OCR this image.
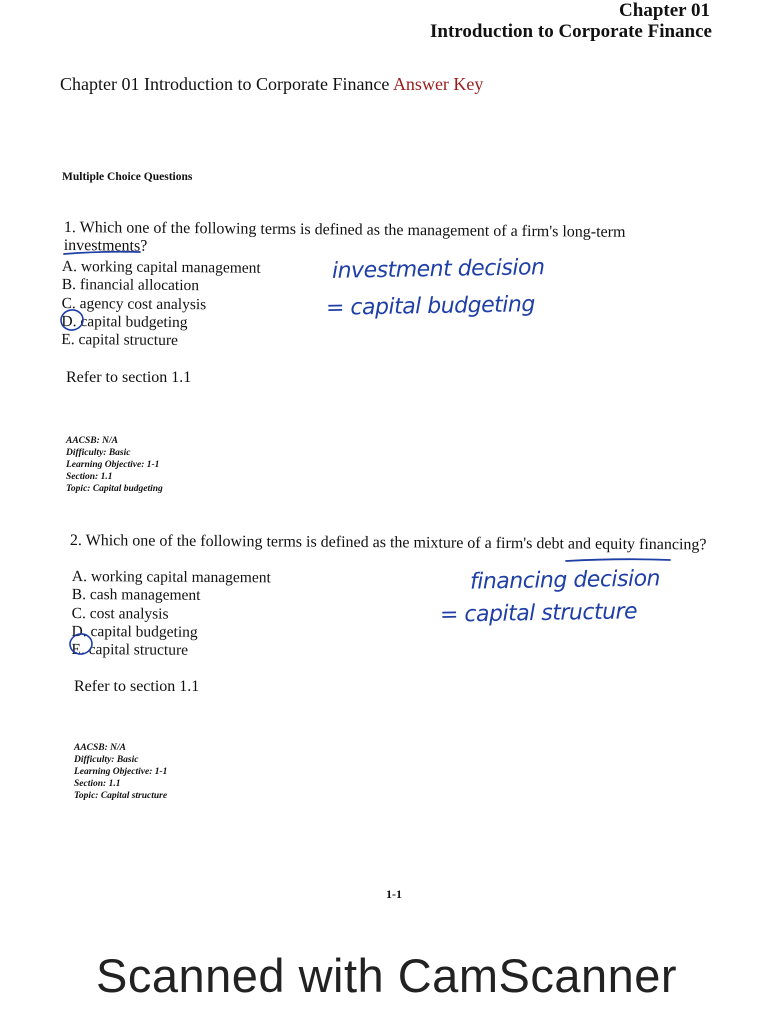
Chapter 01
Introduction to Corporate Finance
Chapter 01 Introduction to Corporate Finance Answer Key
Multiple Choice Questions
1. Which one of the following terms is defined as the management of a firm's long-term investments?
A. working capital management
B. financial allocation
C. agency cost analysis
D. capital budgeting
E. capital structure
Refer to section 1.1
AACSB: N/A
Difficulty: Basic
Learning Objective: 1-1
Section: 1.1
Topic: Capital budgeting
2. Which one of the following terms is defined as the mixture of a firm's debt and equity financing?
A. working capital management
B. cash management
C. cost analysis
D. capital budgeting
E. capital structure
Refer to section 1.1
AACSB: N/A
Difficulty: Basic
Learning Objective: 1-1
Section: 1.1
Topic: Capital structure
investment decision
= capital budgeting
financing decision
= capital structure
1-1
Scanned with CamScanner
